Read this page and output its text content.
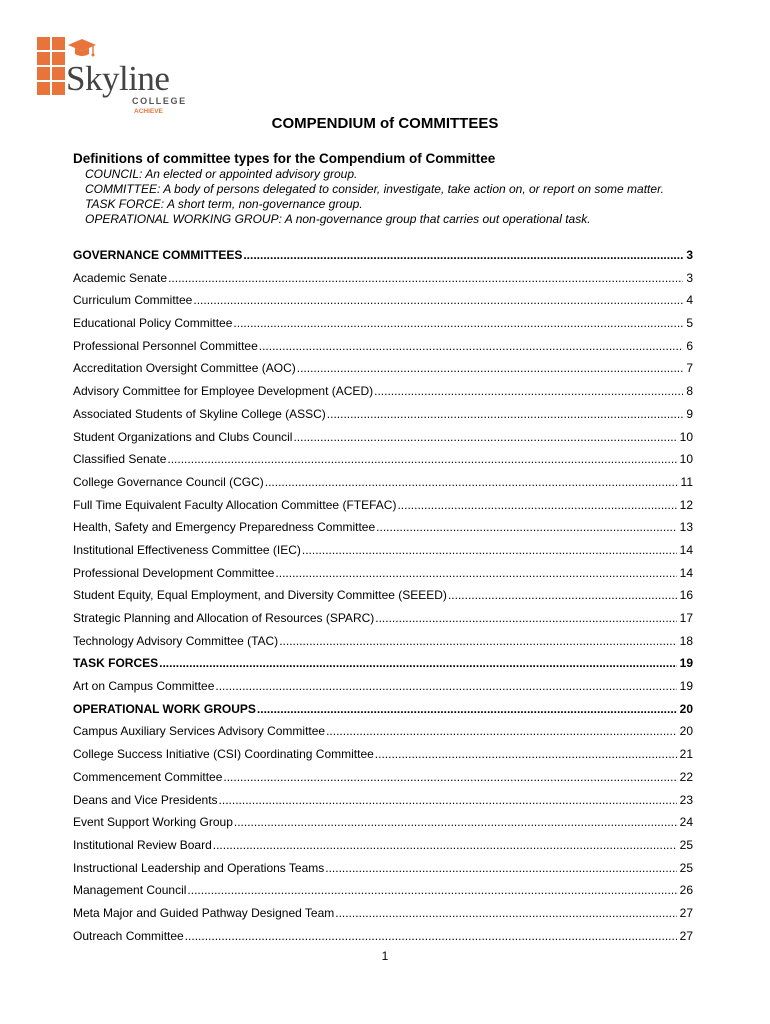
Skyline
COLLEGE
ACHIEVE
COMPENDIUM of COMMITTEES
Definitions of committee types for the Compendium of Committee
COUNCIL: An elected or appointed advisory group.
COMMITTEE: A body of persons delegated to consider, investigate, take action on, or report on some matter.
TASK FORCE: A short term, non-governance group.
OPERATIONAL WORKING GROUP: A non-governance group that carries out operational task.
GOVERNANCE COMMITTEES .....	3
Academic Senate .....	3
Curriculum Committee .....	4
Educational Policy Committee .....	5
Professional Personnel Committee .....	6
Accreditation Oversight Committee (AOC) .....	7
Advisory Committee for Employee Development (ACED) .....	8
Associated Students of Skyline College (ASSC) .....	9
Student Organizations and Clubs Council .....	10
Classified Senate .....	10
College Governance Council (CGC) .....	11
Full Time Equivalent Faculty Allocation Committee (FTEFAC) .....	12
Health, Safety and Emergency Preparedness Committee .....	13
Institutional Effectiveness Committee (IEC) .....	14
Professional Development Committee .....	14
Student Equity, Equal Employment, and Diversity Committee (SEEED) .....	16
Strategic Planning and Allocation of Resources (SPARC) .....	17
Technology Advisory Committee (TAC) .....	18
TASK FORCES .....	19
Art on Campus Committee .....	19
OPERATIONAL WORK GROUPS .....	20
Campus Auxiliary Services Advisory Committee .....	20
College Success Initiative (CSI) Coordinating Committee .....	21
Commencement Committee .....	22
Deans and Vice Presidents .....	23
Event Support Working Group .....	24
Institutional Review Board .....	25
Instructional Leadership and Operations Teams .....	25
Management Council .....	26
Meta Major and Guided Pathway Designed Team .....	27
Outreach Committee .....	27
1
